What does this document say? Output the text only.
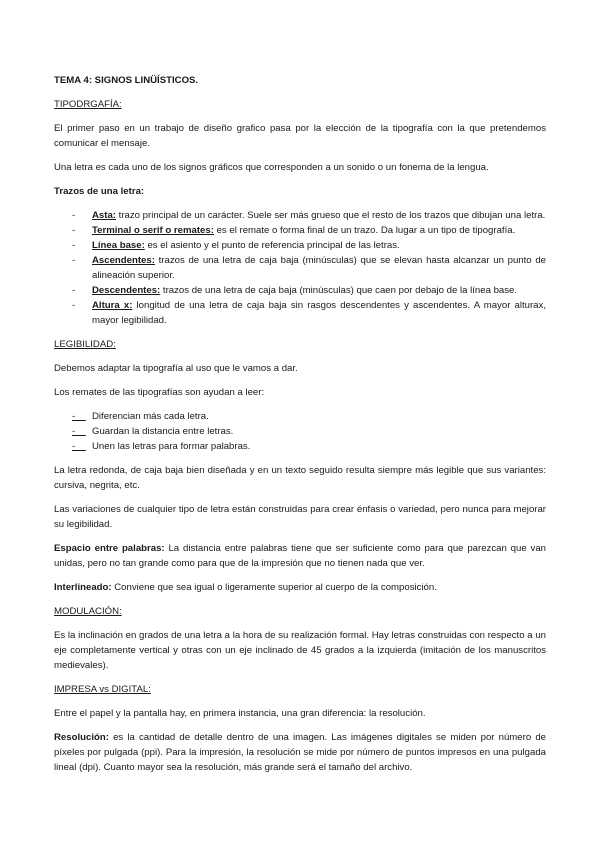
TEMA 4: SIGNOS LINÜÍSTICOS.
TIPODRGAFÍA:

El primer paso en un trabajo de diseño grafico pasa por la elección de la tipografía con la que pretendemos comunicar el mensaje.

Una letra es cada uno de los signos gráficos que corresponden a un sonido o un fonema de la lengua.

Trazos de una letra:

- Asta: trazo principal de un carácter. Suele ser más grueso que el resto de los trazos que dibujan una letra.
- Terminal o serif o remates: es el remate o forma final de un trazo. Da lugar a un tipo de tipografía.
- Línea base: es el asiento y el punto de referencia principal de las letras.
- Ascendentes: trazos de una letra de caja baja (minúsculas) que se elevan hasta alcanzar un punto de alineación superior.
- Descendentes: trazos de una letra de caja baja (minúsculas) que caen por debajo de la línea base.
- Altura x: longitud de una letra de caja baja sin rasgos descendentes y ascendentes. A mayor alturax, mayor legibilidad.
LEGIBILIDAD:

Debemos adaptar la tipografía al uso que le vamos a dar.

Los remates de las tipografías son ayudan a leer:

- Diferencian más cada letra.
- Guardan la distancia entre letras.
- Unen las letras para formar palabras.

La letra redonda, de caja baja bien diseñada y en un texto seguido resulta siempre más legible que sus variantes: cursiva, negrita, etc.

Las variaciones de cualquier tipo de letra están construidas para crear énfasis o variedad, pero nunca para mejorar su legibilidad.

Espacio entre palabras: La distancia entre palabras tiene que ser suficiente como para que parezcan que van unidas, pero no tan grande como para que de la impresión que no tienen nada que ver.

Interlineado: Conviene que sea igual o ligeramente superior al cuerpo de la composición.

MODULACIÓN:

Es la inclinación en grados de una letra a la hora de su realización formal. Hay letras construidas con respecto a un eje completamente vertical y otras con un eje inclinado de 45 grados a la izquierda (imitación de los manuscritos medievales).

IMPRESA vs DIGITAL:

Entre el papel y la pantalla hay, en primera instancia, una gran diferencia: la resolución.

Resolución: es la cantidad de detalle dentro de una imagen. Las imágenes digitales se miden por número de píxeles por pulgada (ppi). Para la impresión, la resolución se mide por número de puntos impresos en una pulgada lineal (dpi). Cuanto mayor sea la resolución, más grande será el tamaño del archivo.
